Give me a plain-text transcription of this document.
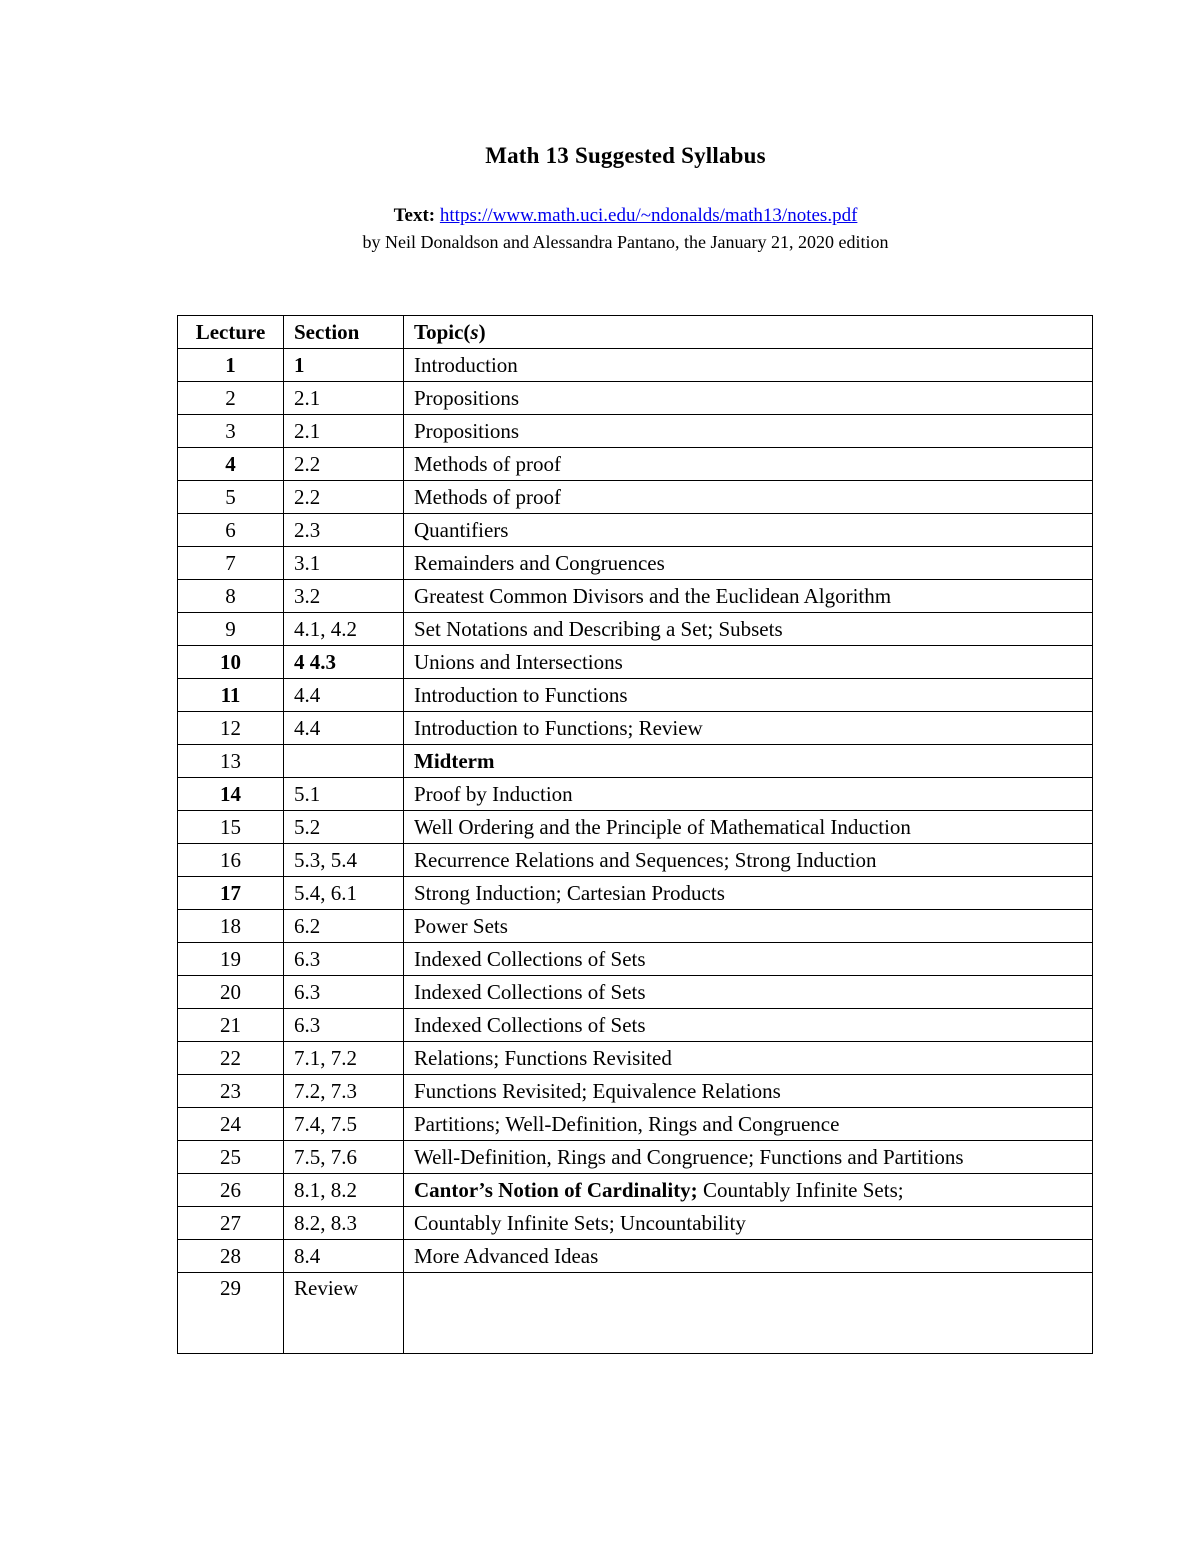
Math 13 Suggested Syllabus
Text: https://www.math.uci.edu/~ndonalds/math13/notes.pdf
by Neil Donaldson and Alessandra Pantano, the January 21, 2020 edition
Lecture	Section	Topic(s)
1	1	Introduction
2	2.1	Propositions
3	2.1	Propositions
4	2.2	Methods of proof
5	2.2	Methods of proof
6	2.3	Quantifiers
7	3.1	Remainders and Congruences
8	3.2	Greatest Common Divisors and the Euclidean Algorithm
9	4.1, 4.2	Set Notations and Describing a Set; Subsets
10	4 4.3	Unions and Intersections
11	4.4	Introduction to Functions
12	4.4	Introduction to Functions; Review
13		Midterm
14	5.1	Proof by Induction
15	5.2	Well Ordering and the Principle of Mathematical Induction
16	5.3, 5.4	Recurrence Relations and Sequences; Strong Induction
17	5.4, 6.1	Strong Induction; Cartesian Products
18	6.2	Power Sets
19	6.3	Indexed Collections of Sets
20	6.3	Indexed Collections of Sets
21	6.3	Indexed Collections of Sets
22	7.1, 7.2	Relations; Functions Revisited
23	7.2, 7.3	Functions Revisited; Equivalence Relations
24	7.4, 7.5	Partitions; Well-Definition, Rings and Congruence
25	7.5, 7.6	Well-Definition, Rings and Congruence; Functions and Partitions
26	8.1, 8.2	Cantor’s Notion of Cardinality; Countably Infinite Sets;
27	8.2, 8.3	Countably Infinite Sets; Uncountability
28	8.4	More Advanced Ideas
29	Review	
